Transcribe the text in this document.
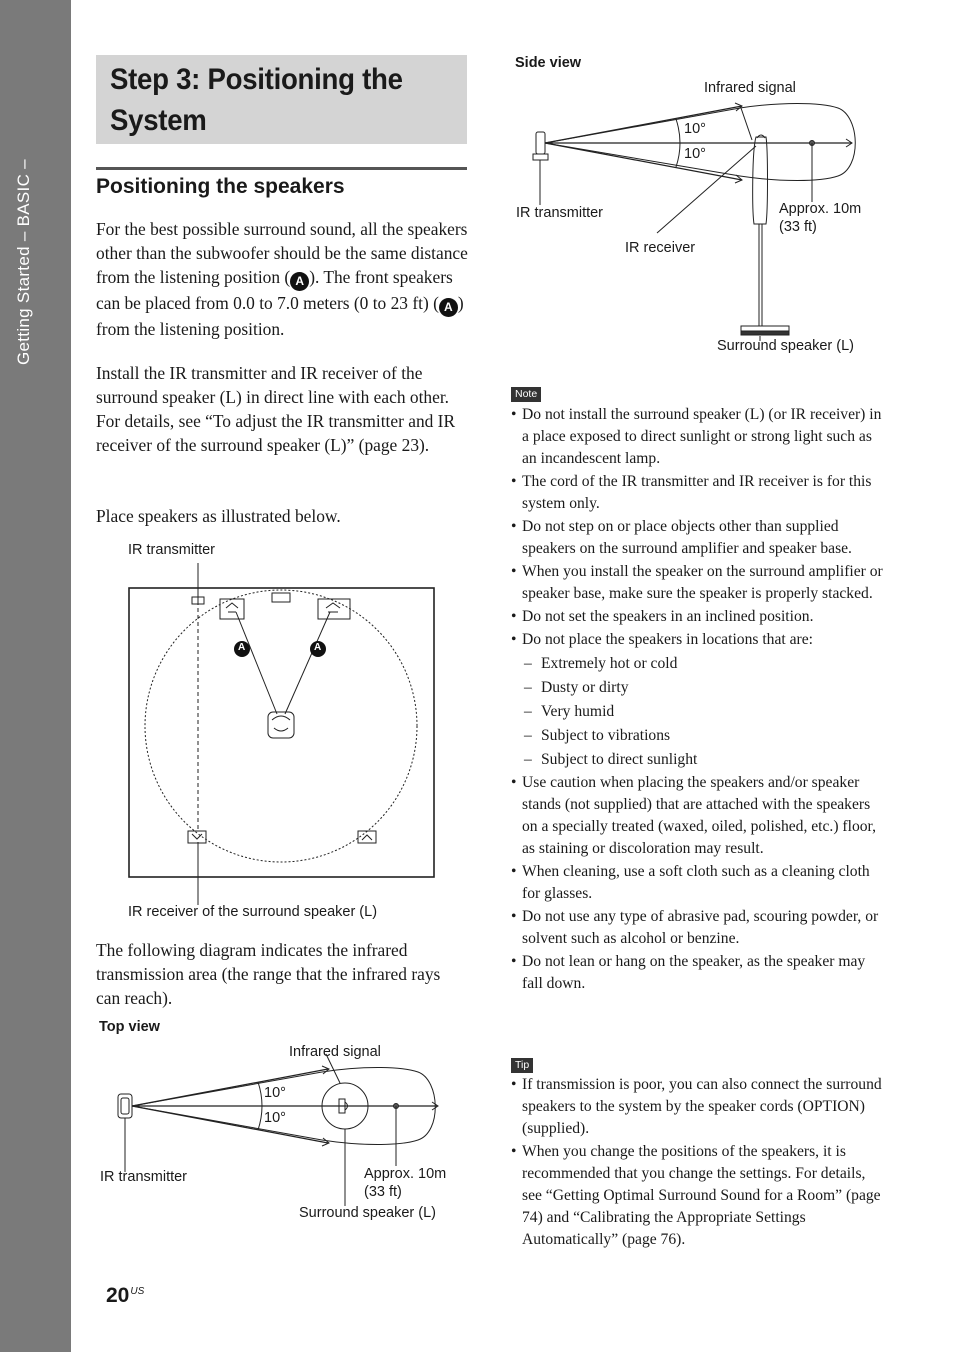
Getting Started – BASIC –
Step 3: Positioning the System
Positioning the speakers

For the best possible surround sound, all the speakers other than the subwoofer should be the same distance from the listening position ( A ). The front speakers can be placed from 0.0 to 7.0 meters (0 to 23 ft) ( A ) from the listening position.

Install the IR transmitter and IR receiver of the surround speaker (L) in direct line with each other. For details, see “To adjust the IR transmitter and IR receiver of the surround speaker (L)” (page 23).

Place speakers as illustrated below.

IR transmitter

IR receiver of the surround speaker (L)

A	A

The following diagram indicates the infrared transmission area (the range that the infrared rays can reach).

Top view

Infrared signal

10°

10°

IR transmitter	Approx. 10m
(33 ft)

Surround speaker (L)

Side view

Infrared signal

10°

10°

IR transmitter	Approx. 10m
(33 ft)

IR receiver

Surround speaker (L)

Note
• Do not install the surround speaker (L) (or IR receiver) in a place exposed to direct sunlight or strong light such as an incandescent lamp.
• The cord of the IR transmitter and IR receiver is for this system only.
• Do not step on or place objects other than supplied speakers on the surround amplifier and speaker base.
• When you install the speaker on the surround amplifier or speaker base, make sure the speaker is properly stacked.
• Do not set the speakers in an inclined position.
• Do not place the speakers in locations that are:
– Extremely hot or cold
– Dusty or dirty
– Very humid
– Subject to vibrations
– Subject to direct sunlight
• Use caution when placing the speakers and/or speaker stands (not supplied) that are attached with the speakers on a specially treated (waxed, oiled, polished, etc.) floor, as staining or discoloration may result.
• When cleaning, use a soft cloth such as a cleaning cloth for glasses.
• Do not use any type of abrasive pad, scouring powder, or solvent such as alcohol or benzine.
• Do not lean or hang on the speaker, as the speaker may fall down.
Tip
• If transmission is poor, you can also connect the surround speakers to the system by the speaker cords (OPTION) (supplied).
• When you change the positions of the speakers, it is recommended that you change the settings. For details, see “Getting Optimal Surround Sound for a Room” (page 74) and “Calibrating the Appropriate Settings Automatically” (page 76).
$20^{US}$
